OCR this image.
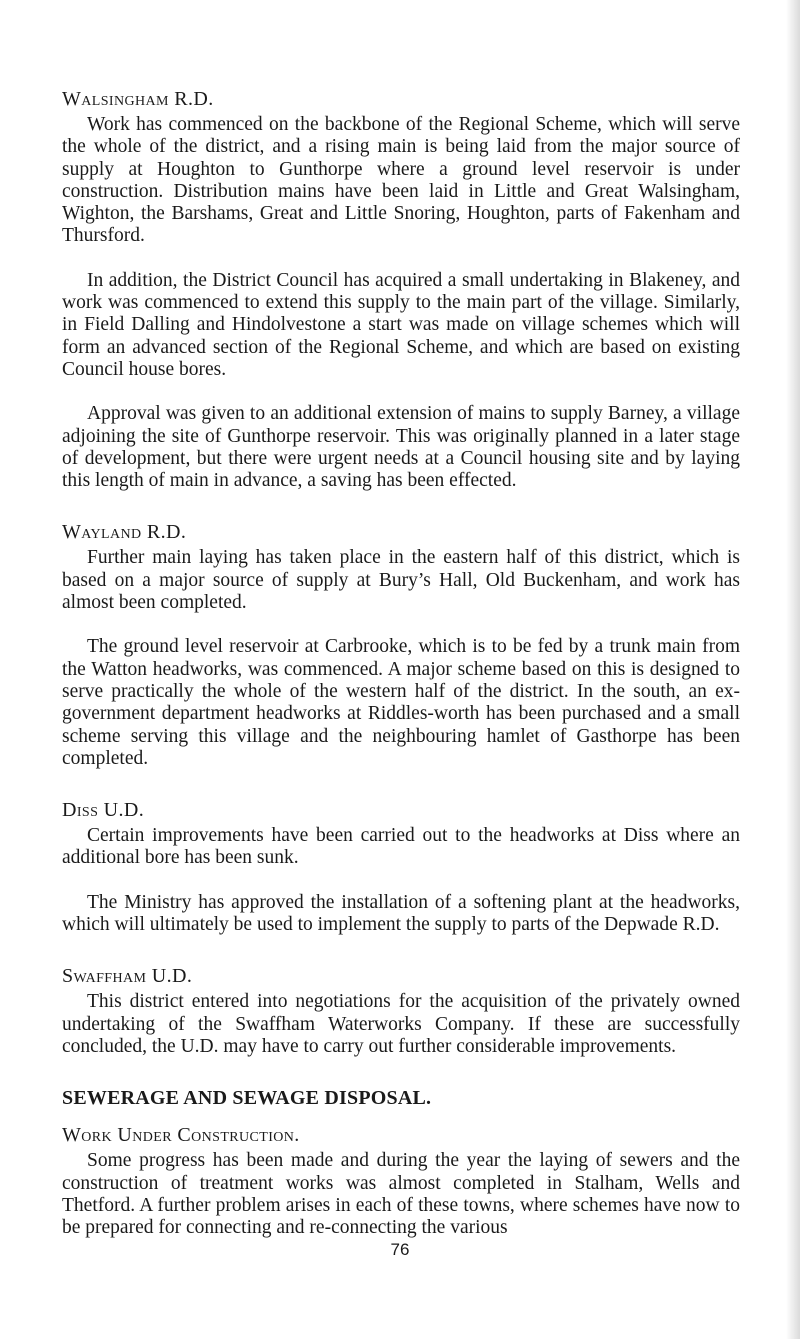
Walsingham R.D.

Work has commenced on the backbone of the Regional Scheme, which will serve the whole of the district, and a rising main is being laid from the major source of supply at Houghton to Gunthorpe where a ground level reservoir is under construction. Distribution mains have been laid in Little and Great Walsingham, Wighton, the Barshams, Great and Little Snoring, Houghton, parts of Fakenham and Thursford.

In addition, the District Council has acquired a small undertaking in Blakeney, and work was commenced to extend this supply to the main part of the village. Similarly, in Field Dalling and Hindolvestone a start was made on village schemes which will form an advanced section of the Regional Scheme, and which are based on existing Council house bores.

Approval was given to an additional extension of mains to supply Barney, a village adjoining the site of Gunthorpe reservoir. This was originally planned in a later stage of development, but there were urgent needs at a Council housing site and by laying this length of main in advance, a saving has been effected.

Wayland R.D.

Further main laying has taken place in the eastern half of this district, which is based on a major source of supply at Bury’s Hall, Old Buckenham, and work has almost been completed.

The ground level reservoir at Carbrooke, which is to be fed by a trunk main from the Watton headworks, was commenced. A major scheme based on this is designed to serve practically the whole of the western half of the district. In the south, an ex-government department headworks at Riddles-worth has been purchased and a small scheme serving this village and the neighbouring hamlet of Gasthorpe has been completed.

Diss U.D.

Certain improvements have been carried out to the headworks at Diss where an additional bore has been sunk.

The Ministry has approved the installation of a softening plant at the headworks, which will ultimately be used to implement the supply to parts of the Depwade R.D.

Swaffham U.D.

This district entered into negotiations for the acquisition of the privately owned undertaking of the Swaffham Waterworks Company. If these are successfully concluded, the U.D. may have to carry out further considerable improvements.

SEWERAGE AND SEWAGE DISPOSAL.
Work Under Construction.

Some progress has been made and during the year the laying of sewers and the construction of treatment works was almost completed in Stalham, Wells and Thetford. A further problem arises in each of these towns, where schemes have now to be prepared for connecting and re-connecting the various

76
